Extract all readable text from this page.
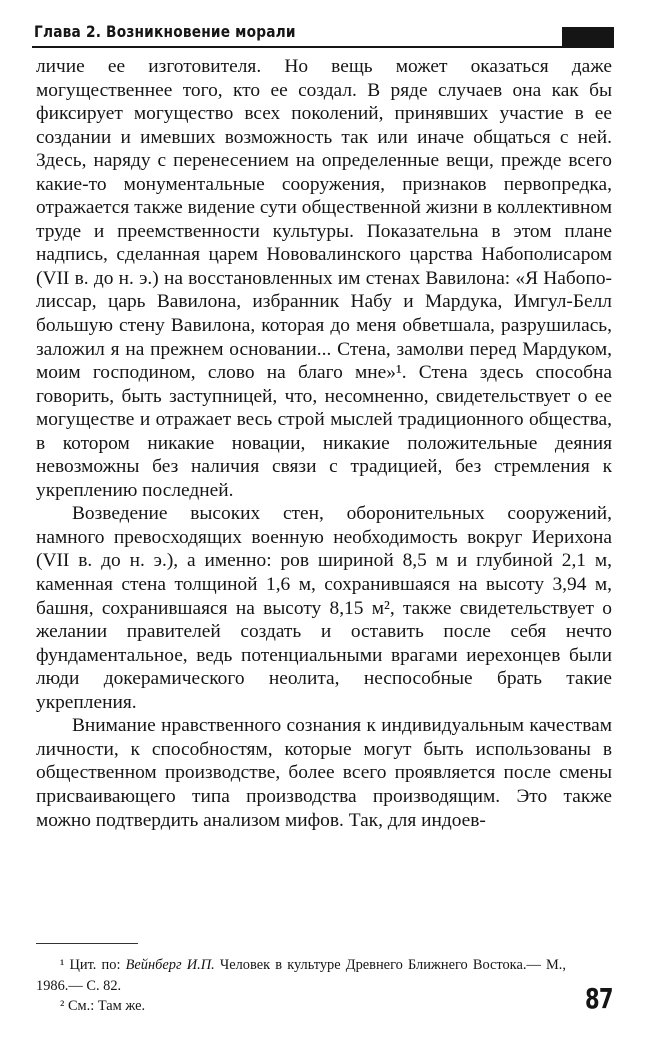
Глава 2. Возникновение морали

личие ее изготовителя. Но вещь может оказаться даже могущественнее того, кто ее создал. В ряде случаев она как бы фиксирует могущество всех поколений, принявших участие в ее создании и имевших возможность так или иначе общаться с ней. Здесь, наряду с перенесением на определенные вещи, прежде всего какие-то монументальные сооружения, признаков первопредка, отражается также видение сути общественной жизни в коллективном труде и преемственности культуры. Показательна в этом плане надпись, сделанная царем Нововалинского царства Набополисаром (VII в. до н. э.) на восстановленных им стенах Вавилона: «Я Набополиссар, царь Вавилона, избранник Набу и Мардука, Имгул-Белл большую стену Вавилона, которая до меня обветшала, разрушилась, заложил я на прежнем основании... Стена, замолви перед Мардуком, моим господином, слово на благо мне»¹. Стена здесь способна говорить, быть заступницей, что, несомненно, свидетельствует о ее могуществе и отражает весь строй мыслей традиционного общества, в котором никакие новации, никакие положительные деяния невозможны без наличия связи с традицией, без стремления к укреплению последней.

Возведение высоких стен, оборонительных сооружений, намного превосходящих военную необходимость вокруг Иерихона (VII в. до н. э.), а именно: ров шириной 8,5 м и глубиной 2,1 м, каменная стена толщиной 1,6 м, сохранившаяся на высоту 3,94 м, башня, сохранившаяся на высоту 8,15 м², также свидетельствует о желании правителей создать и оставить после себя нечто фундаментальное, ведь потенциальными врагами иерехонцев были люди докерамического неолита, неспособные брать такие укрепления.

Внимание нравственного сознания к индивидуальным качествам личности, к способностям, которые могут быть использованы в общественном производстве, более всего проявляется после смены присваивающего типа производства производящим. Это также можно подтвердить анализом мифов. Так, для индоев-

¹ Цит. по: Вейнберг И.П. Человек в культуре Древнего Ближнего Востока.— М., 1986.— С. 82.

² См.: Там же.	87
